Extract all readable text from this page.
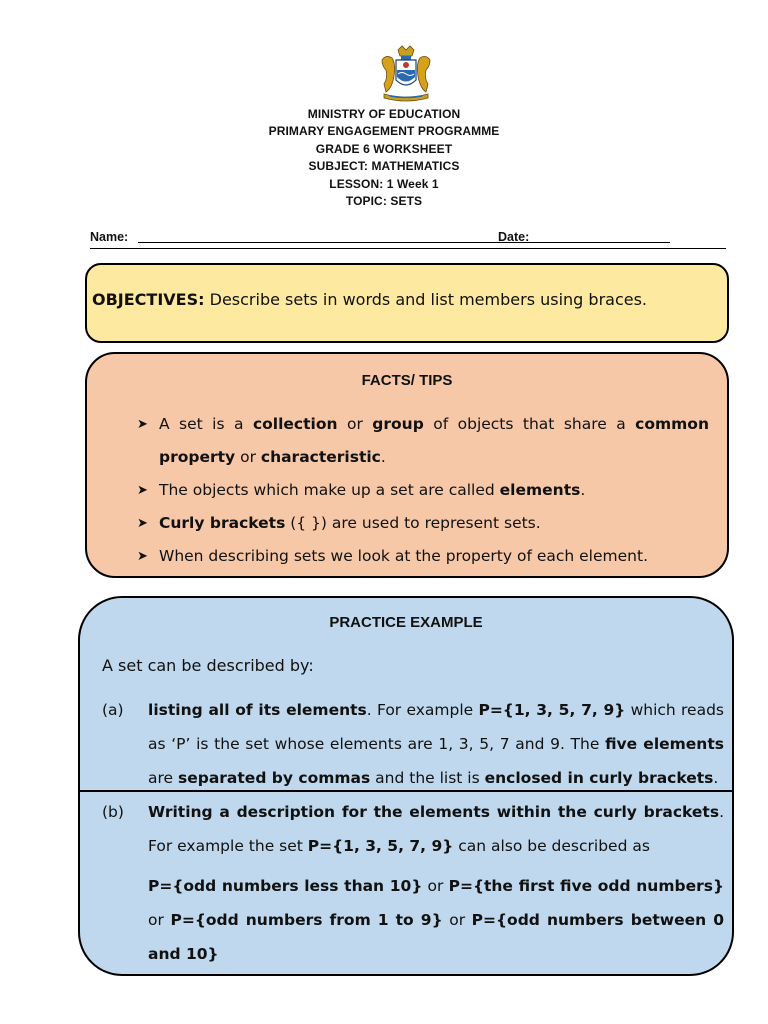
MINISTRY OF EDUCATION
PRIMARY ENGAGEMENT PROGRAMME
GRADE 6 WORKSHEET
SUBJECT: MATHEMATICS
LESSON: 1 Week 1
TOPIC: SETS
Name:	Date:
OBJECTIVES: Describe sets in words and list members using braces.
FACTS/ TIPS
➤ A set is a collection or group of objects that share a common property or characteristic.
➤ The objects which make up a set are called elements.
➤ Curly brackets ({ }) are used to represent sets.
➤ When describing sets we look at the property of each element.
PRACTICE EXAMPLE
A set can be described by:
(a) listing all of its elements. For example P={1, 3, 5, 7, 9} which reads as ‘P’ is the set whose elements are 1, 3, 5, 7 and 9. The five elements are separated by commas and the list is enclosed in curly brackets.
(b) Writing a description for the elements within the curly brackets. For example the set P={1, 3, 5, 7, 9} can also be described as
P={odd numbers less than 10} or P={the first five odd numbers} or P={odd numbers from 1 to 9} or P={odd numbers between 0 and 10}
